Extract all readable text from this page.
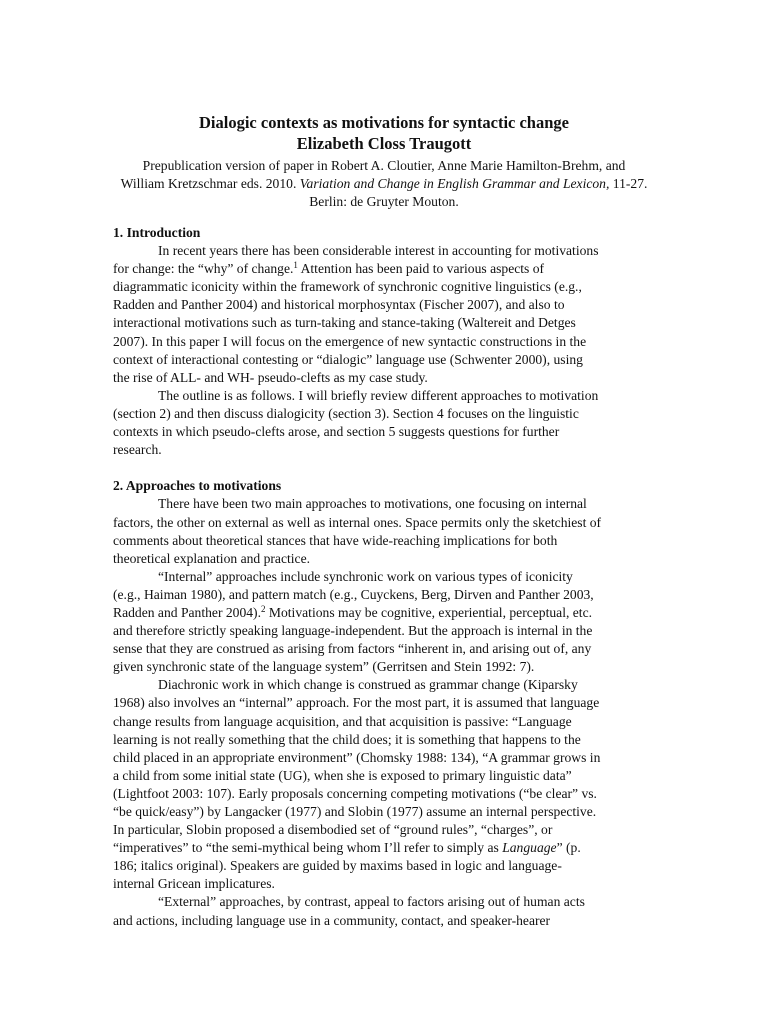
Dialogic contexts as motivations for syntactic change
Elizabeth Closs Traugott
Prepublication version of paper in Robert A. Cloutier, Anne Marie Hamilton-Brehm, and
William Kretzschmar eds. 2010. Variation and Change in English Grammar and Lexicon, 11-27.
Berlin: de Gruyter Mouton.
1. Introduction
In recent years there has been considerable interest in accounting for motivations
for change: the “why” of change.$^1$ Attention has been paid to various aspects of
diagrammatic iconicity within the framework of synchronic cognitive linguistics (e.g.,
Radden and Panther 2004) and historical morphosyntax (Fischer 2007), and also to
interactional motivations such as turn-taking and stance-taking (Waltereit and Detges
2007). In this paper I will focus on the emergence of new syntactic constructions in the
context of interactional contesting or “dialogic” language use (Schwenter 2000), using
the rise of ALL- and WH- pseudo-clefts as my case study.
The outline is as follows. I will briefly review different approaches to motivation
(section 2) and then discuss dialogicity (section 3). Section 4 focuses on the linguistic
contexts in which pseudo-clefts arose, and section 5 suggests questions for further
research.
2. Approaches to motivations
There have been two main approaches to motivations, one focusing on internal
factors, the other on external as well as internal ones. Space permits only the sketchiest of
comments about theoretical stances that have wide-reaching implications for both
theoretical explanation and practice.
“Internal” approaches include synchronic work on various types of iconicity
(e.g., Haiman 1980), and pattern match (e.g., Cuyckens, Berg, Dirven and Panther 2003,
Radden and Panther 2004).$^2$ Motivations may be cognitive, experiential, perceptual, etc.
and therefore strictly speaking language-independent. But the approach is internal in the
sense that they are construed as arising from factors “inherent in, and arising out of, any
given synchronic state of the language system” (Gerritsen and Stein 1992: 7).
Diachronic work in which change is construed as grammar change (Kiparsky
1968) also involves an “internal” approach. For the most part, it is assumed that language
change results from language acquisition, and that acquisition is passive: “Language
learning is not really something that the child does; it is something that happens to the
child placed in an appropriate environment” (Chomsky 1988: 134), “A grammar grows in
a child from some initial state (UG), when she is exposed to primary linguistic data”
(Lightfoot 2003: 107). Early proposals concerning competing motivations (“be clear” vs.
“be quick/easy”) by Langacker (1977) and Slobin (1977) assume an internal perspective.
In particular, Slobin proposed a disembodied set of “ground rules”, “charges”, or
“imperatives” to “the semi-mythical being whom I’ll refer to simply as Language” (p.
186; italics original). Speakers are guided by maxims based in logic and language-
internal Gricean implicatures.
“External” approaches, by contrast, appeal to factors arising out of human acts
and actions, including language use in a community, contact, and speaker-hearer
